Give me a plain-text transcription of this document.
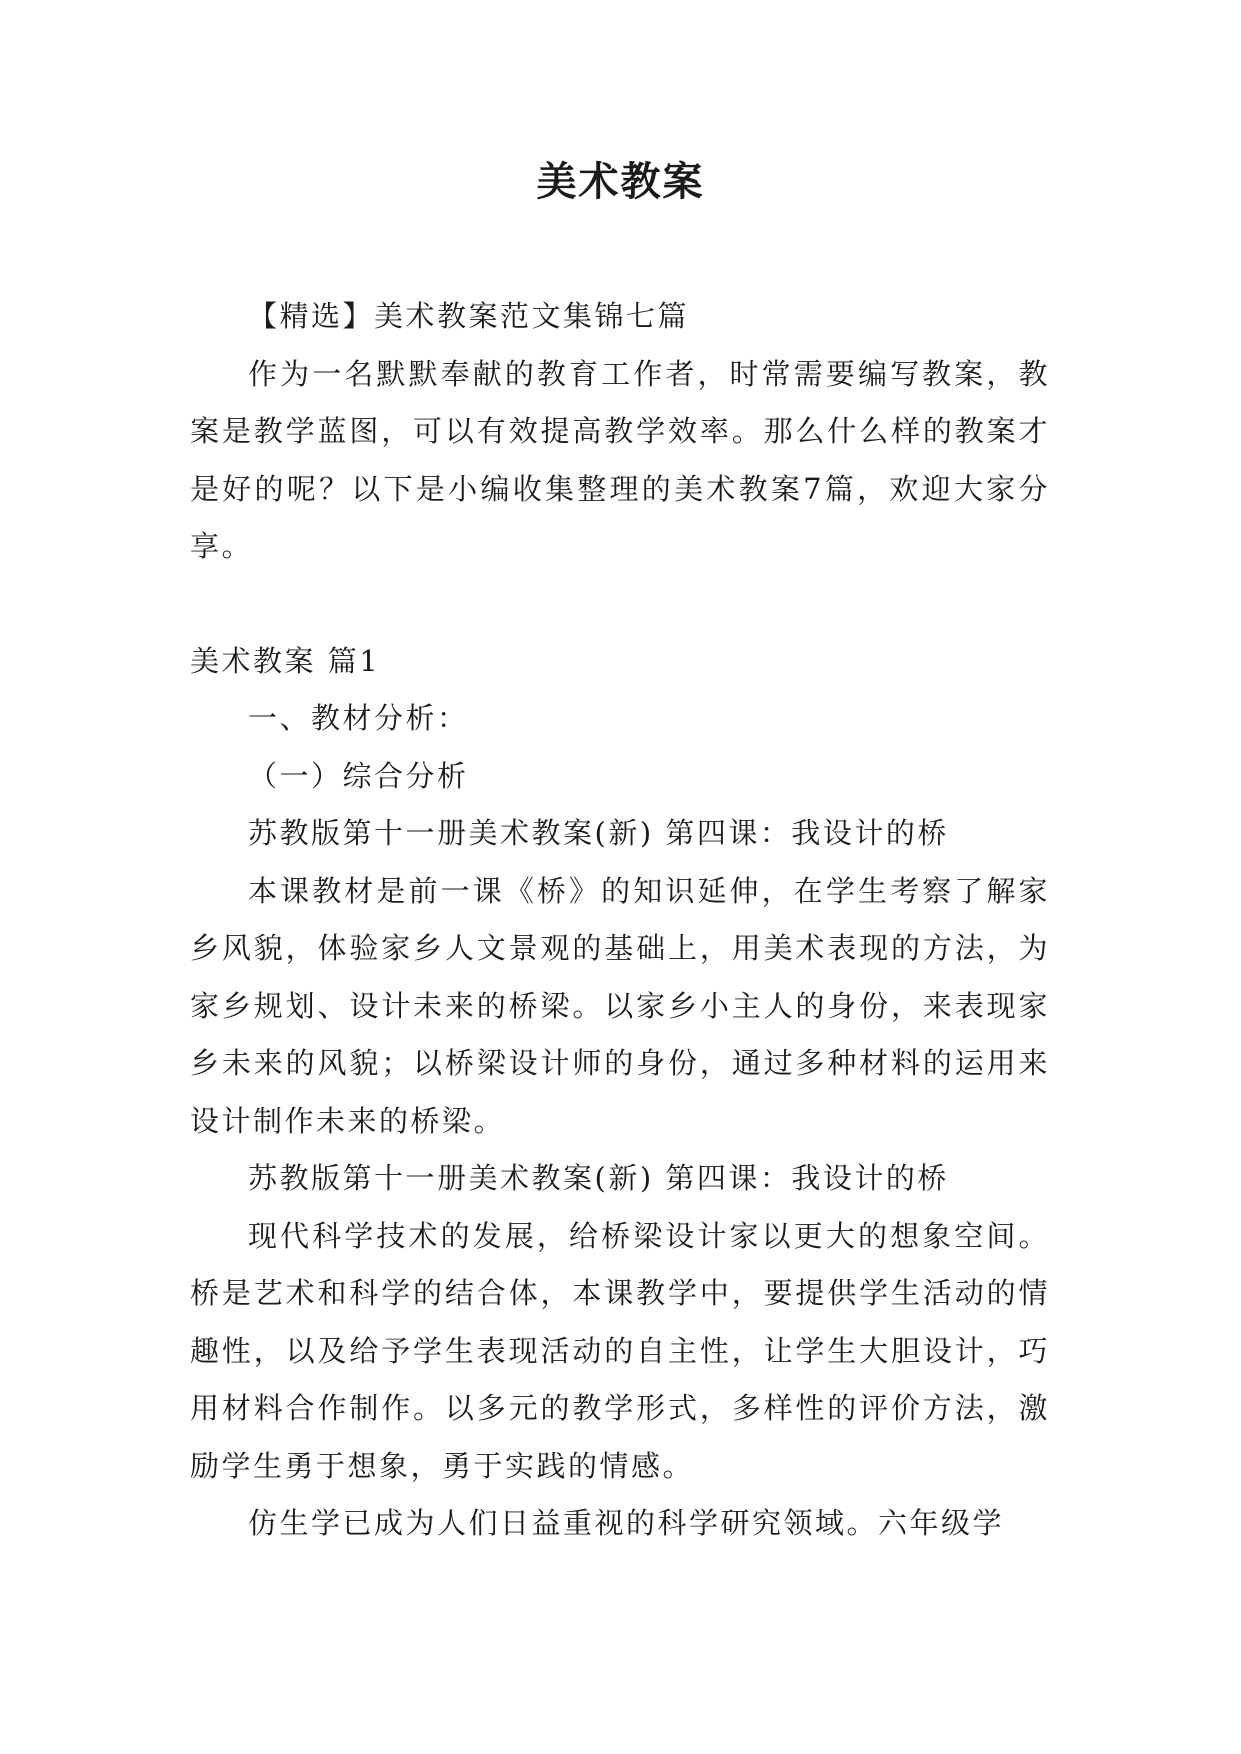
美术教案

【精选】美术教案范文集锦七篇

作为一名默默奉献的教育工作者，时常需要编写教案，教案是教学蓝图，可以有效提高教学效率。那么什么样的教案才是好的呢？以下是小编收集整理的美术教案7篇，欢迎大家分享。

美术教案 篇1

一、教材分析：

（一）综合分析

苏教版第十一册美术教案(新) 第四课：我设计的桥

本课教材是前一课《桥》的知识延伸，在学生考察了解家乡风貌，体验家乡人文景观的基础上，用美术表现的方法，为家乡规划、设计未来的桥梁。以家乡小主人的身份，来表现家乡未来的风貌；以桥梁设计师的身份，通过多种材料的运用来设计制作未来的桥梁。

苏教版第十一册美术教案(新) 第四课：我设计的桥

现代科学技术的发展，给桥梁设计家以更大的想象空间。桥是艺术和科学的结合体，本课教学中，要提供学生活动的情趣性，以及给予学生表现活动的自主性，让学生大胆设计，巧用材料合作制作。以多元的教学形式，多样性的评价方法，激励学生勇于想象，勇于实践的情感。

仿生学已成为人们日益重视的科学研究领域。六年级学
